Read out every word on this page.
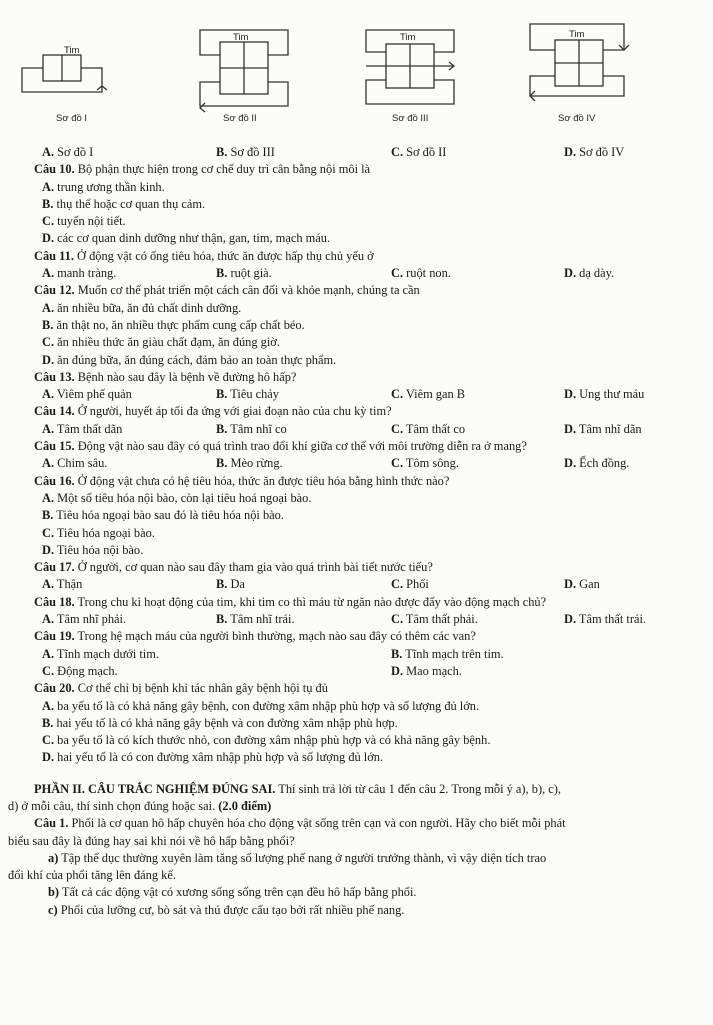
Tim
Tim	Tim	Tim
Sơ đồ I	Sơ đồ II	Sơ đồ III	Sơ đồ IV
A. Sơ đồ I	B. Sơ đồ III	C. Sơ đồ II	D. Sơ đồ IV
Câu 10. Bộ phận thực hiện trong cơ chế duy trì cân bằng nội môi là
A. trung ương thần kinh.
B. thụ thể hoặc cơ quan thụ cảm.
C. tuyến nội tiết.
D. các cơ quan dinh dưỡng như thận, gan, tim, mạch máu.
Câu 11. Ở động vật có ống tiêu hóa, thức ăn được hấp thụ chủ yếu ở
A. manh tràng.	B. ruột già.	C. ruột non.	D. dạ dày.
Câu 12. Muốn cơ thể phát triển một cách cân đối và khỏe mạnh, chúng ta cần
A. ăn nhiều bữa, ăn đủ chất dinh dưỡng.
B. ăn thật no, ăn nhiều thực phẩm cung cấp chất béo.
C. ăn nhiều thức ăn giàu chất đạm, ăn đúng giờ.
D. ăn đúng bữa, ăn đúng cách, đảm bảo an toàn thực phẩm.
Câu 13. Bệnh nào sau đây là bệnh về đường hô hấp?
A. Viêm phế quản	B. Tiêu chảy	C. Viêm gan B	D. Ung thư máu
Câu 14. Ở người, huyết áp tối đa ứng với giai đoạn nào của chu kỳ tim?
A. Tâm thất dãn	B. Tâm nhĩ co	C. Tâm thất co	D. Tâm nhĩ dãn
Câu 15. Động vật nào sau đây có quá trình trao đổi khí giữa cơ thể với môi trường diễn ra ở mang?
A. Chim sâu.	B. Mèo rừng.	C. Tôm sông.	D. Ếch đồng.
Câu 16. Ở động vật chưa có hệ tiêu hóa, thức ăn được tiêu hóa bằng hình thức nào?
A. Một số tiêu hóa nội bào, còn lại tiêu hoá ngoại bào.
B. Tiêu hóa ngoại bào sau đó là tiêu hóa nội bào.
C. Tiêu hóa ngoại bào.
D. Tiêu hóa nội bào.
Câu 17. Ở người, cơ quan nào sau đây tham gia vào quá trình bài tiết nước tiểu?
A. Thận	B. Da	C. Phổi	D. Gan
Câu 18. Trong chu kì hoạt động của tim, khi tim co thì máu từ ngăn nào được đẩy vào động mạch chủ?
A. Tâm nhĩ phải.	B. Tâm nhĩ trái.	C. Tâm thất phải.	D. Tâm thất trái.
Câu 19. Trong hệ mạch máu của người bình thường, mạch nào sau đây có thêm các van?
A. Tĩnh mạch dưới tim.	B. Tĩnh mạch trên tim.
C. Động mạch.	D. Mao mạch.
Câu 20. Cơ thể chỉ bị bệnh khi tác nhân gây bệnh hội tụ đủ
A. ba yếu tố là có khả năng gây bệnh, con đường xâm nhập phù hợp và số lượng đủ lớn.
B. hai yếu tố là có khả năng gây bệnh và con đường xâm nhập phù hợp.
C. ba yếu tố là có kích thước nhỏ, con đường xâm nhập phù hợp và có khả năng gây bệnh.
D. hai yếu tố là có con đường xâm nhập phù hợp và số lượng đủ lớn.
PHẦN II. CÂU TRẮC NGHIỆM ĐÚNG SAI. Thí sinh trả lời từ câu 1 đến câu 2. Trong mỗi ý a), b), c),
d) ở mỗi câu, thí sinh chọn đúng hoặc sai. (2.0 điểm)
Câu 1. Phổi là cơ quan hô hấp chuyên hóa cho động vật sống trên cạn và con người. Hãy cho biết mỗi phát
biểu sau đây là đúng hay sai khi nói về hô hấp bằng phổi?
a) Tập thể dục thường xuyên làm tăng số lượng phế nang ở người trưởng thành, vì vậy diện tích trao
đổi khí của phổi tăng lên đáng kể.
b) Tất cả các động vật có xương sống sống trên cạn đều hô hấp bằng phổi.
c) Phổi của lưỡng cư, bò sát và thú được cấu tạo bởi rất nhiều phế nang.
